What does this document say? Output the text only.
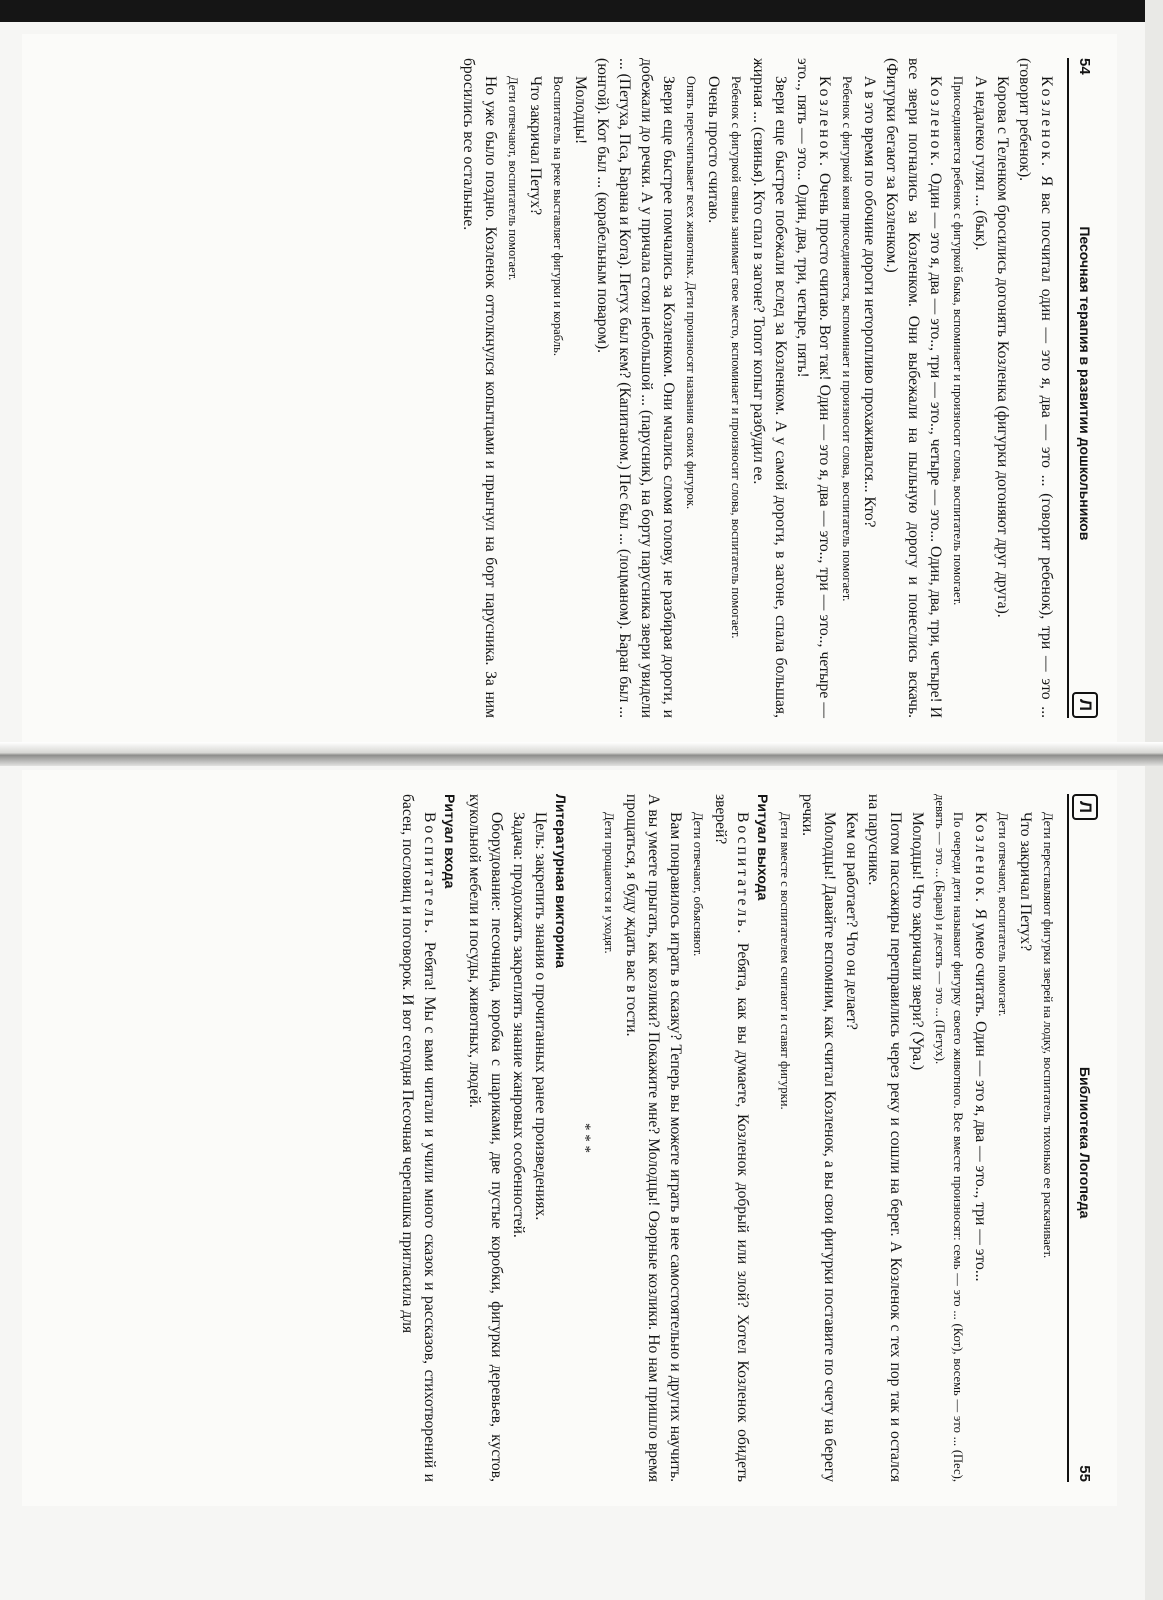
54
Песочная терапия в развитии дошкольников
Л

Козленок. Я вас посчитал один — это я, два — это ... (говорит ребенок), три — это ... (говорит ребенок).

Корова с Теленком бросились догонять Козленка (фигурки догоняют друг друга).

А недалеко гулял ... (бык).

Присоединяется ребенок с фигуркой быка, вспоминает и произносит слова, воспитатель помогает.

Козленок. Один — это я, два — это.., три — это.., четыре — это... Один, два, три, четыре! И все звери погнались за Козленком. Они выбежали на пыльную дорогу и понеслись вскачь. (Фигурки бегают за Козленком.)

А в это время по обочине дороги неторопливо прохаживался... Кто?

Ребенок с фигуркой коня присоединяется, вспоминает и произносит слова, воспитатель помогает.

Козленок. Очень просто считаю. Вот так! Один — это я, два — это.., три — это.., четыре — это.., пять — это... Один, два, три, четыре, пять!

Звери еще быстрее побежали вслед за Козленком. А у самой дороги, в загоне, спала большая, жирная ... (свинья). Кто спал в загоне? Топот копыт разбудил ее.

Ребенок с фигуркой свиньи занимает свое место, вспоминает и произносит слова, воспитатель помогает.

Очень просто считаю.

Опять пересчитывает всех животных. Дети произносят названия своих фигурок.

Звери еще быстрее помчались за Козленком. Они мчались сломя голову, не разбирая дороги, и добежали до речки. А у причала стоял небольшой ... (парусник), на борту парусника звери увидели ... (Петуха, Пса, Барана и Кота). Петух был кем? (Капитаном.) Пес был ... (лоцманом). Баран был ... (юнгой). Кот был ... (корабельным поваром).

Молодцы!

Воспитатель на реке выставляет фигурки и корабль.

Что закричал Петух?

Дети отвечают, воспитатель помогает.

Но уже было поздно. Козленок оттолкнулся копытцами и прыгнул на борт парусника. За ним бросились все остальные.

Л
Библиотека Логопеда
55

Дети переставляют фигурки зверей на лодку, воспитатель тихонько ее раскачивает.

Что закричал Петух?

Дети отвечают, воспитатель помогает.

Козленок. Я умею считать. Один — это я, два — это.., три — это...

По очереди дети называют фигурку своего животного. Все вместе произносят: семь — это ... (Кот), восемь — это ... (Пес), девять — это ... (Баран) и десять — это ... (Петух).

Молодцы! Что закричали звери? (Ура.)

Потом пассажиры переправились через реку и сошли на берег. А Козленок с тех пор так и остался на паруснике.

Кем он работает? Что он делает?

Молодцы! Давайте вспомним, как считал Козленок, а вы свои фигурки поставите по счету на берегу речки.

Дети вместе с воспитателем считают и ставят фигурки.

Ритуал выхода

Воспитатель. Ребята, как вы думаете, Козленок добрый или злой? Хотел Козленок обидеть зверей?

Дети отвечают, объясняют.

Вам понравилось играть в сказку? Теперь вы можете играть в нее самостоятельно и других научить. А вы умеете прыгать, как козлики? Покажите мне? Молодцы! Озорные козлики. Но нам пришло время прощаться, я буду ждать вас в гости.

Дети прощаются и уходят.

* * *

Литературная викторина

Цель: закрепить знания о прочитанных ранее произведениях.

Задача: продолжать закреплять знание жанровых особенностей.

Оборудование: песочница, коробка с шариками, две пустые коробки, фигурки деревьев, кустов, кукольной мебели и посуды, животных, людей.

Ритуал входа

Воспитатель. Ребята! Мы с вами читали и учили много сказок и рассказов, стихотворений и басен, пословиц и поговорок. И вот сегодня Песочная черепашка пригласила для
